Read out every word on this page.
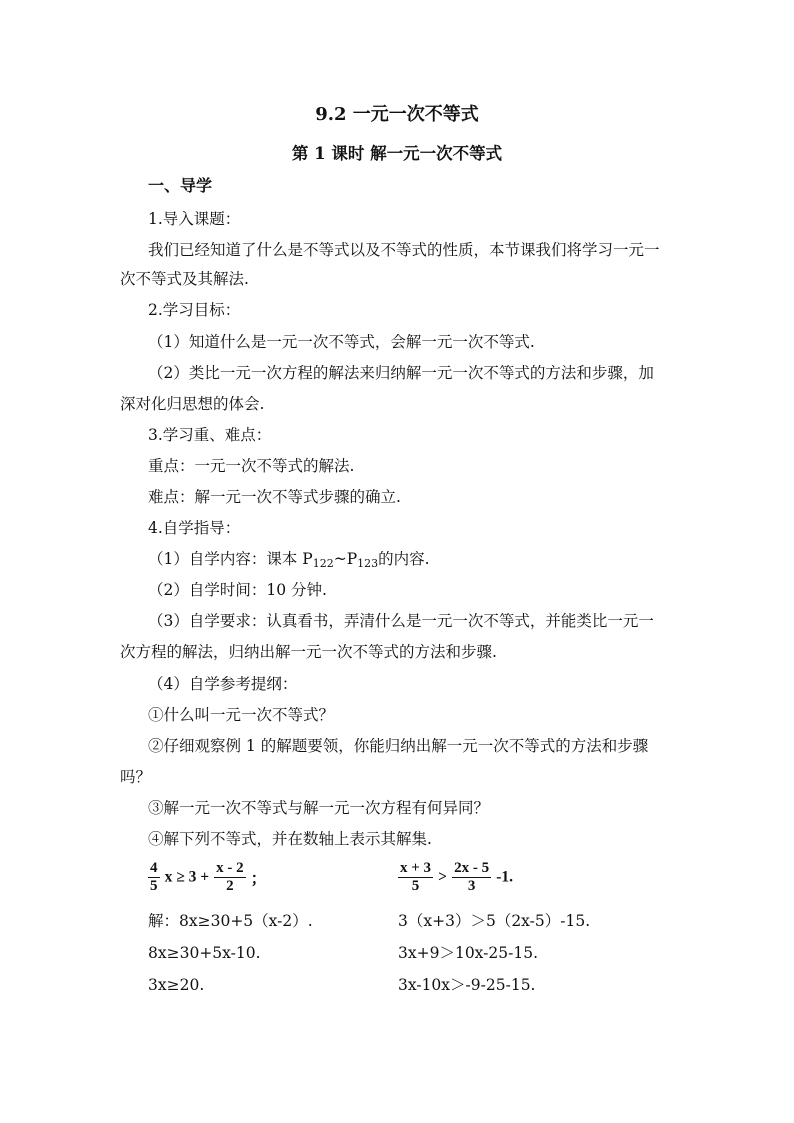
9.2 一元一次不等式
第 1 课时 解一元一次不等式
一、导学
1.导入课题：
我们已经知道了什么是不等式以及不等式的性质，本节课我们将学习一元一
次不等式及其解法.
2.学习目标：
（1）知道什么是一元一次不等式，会解一元一次不等式.
（2）类比一元一次方程的解法来归纳解一元一次不等式的方法和步骤，加
深对化归思想的体会.
3.学习重、难点：
重点：一元一次不等式的解法.
难点：解一元一次不等式步骤的确立.
4.自学指导：
（1）自学内容：课本 $P_{122}\sim P_{123}$的内容.
（2）自学时间：10 分钟.
（3）自学要求：认真看书，弄清什么是一元一次不等式，并能类比一元一
次方程的解法，归纳出解一元一次不等式的方法和步骤.
（4）自学参考提纲：
①什么叫一元一次不等式？
②仔细观察例 1 的解题要领，你能归纳出解一元一次不等式的方法和步骤
吗？
③解一元一次不等式与解一元一次方程有何异同？
④解下列不等式，并在数轴上表示其解集.
$\frac{4}{5}$ $x \ge 3 + \frac{x - 2}{2}$ ；	$\frac{x + 3}{5} > \frac{2x - 5}{3} -1$.
解：8x≥30+5（x-2）.
8x≥30+5x-10.
3x≥20.
3（x+3）＞5（2x-5）-15.
3x+9＞10x-25-15.
3x-10x＞-9-25-15.
